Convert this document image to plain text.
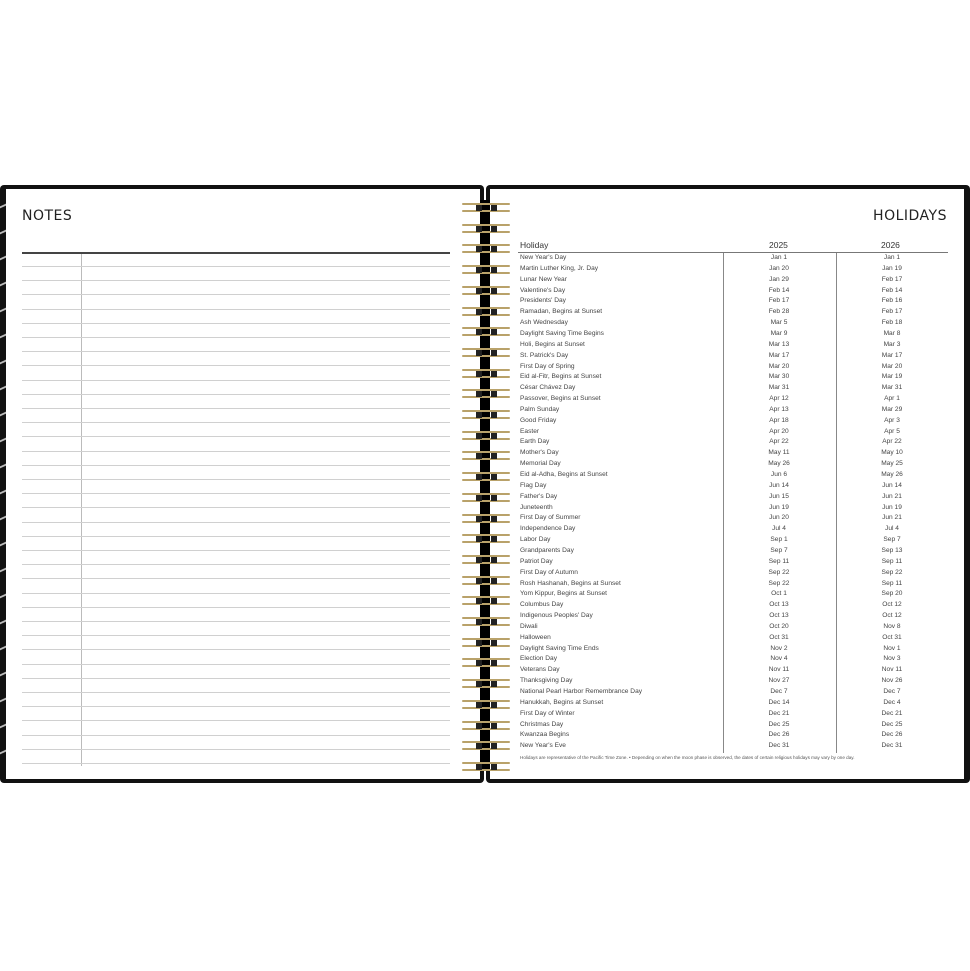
NOTES	HOLIDAYS
Holiday	2025	2026
New Year's Day	Jan 1	Jan 1
Martin Luther King, Jr. Day	Jan 20	Jan 19
Lunar New Year	Jan 29	Feb 17
Valentine's Day	Feb 14	Feb 14
Presidents' Day	Feb 17	Feb 16
Ramadan, Begins at Sunset	Feb 28	Feb 17
Ash Wednesday	Mar 5	Feb 18
Daylight Saving Time Begins	Mar 9	Mar 8
Holi, Begins at Sunset	Mar 13	Mar 3
St. Patrick's Day	Mar 17	Mar 17
First Day of Spring	Mar 20	Mar 20
Eid al-Fitr, Begins at Sunset	Mar 30	Mar 19
César Chávez Day	Mar 31	Mar 31
Passover, Begins at Sunset	Apr 12	Apr 1
Palm Sunday	Apr 13	Mar 29
Good Friday	Apr 18	Apr 3
Easter	Apr 20	Apr 5
Earth Day	Apr 22	Apr 22
Mother's Day	May 11	May 10
Memorial Day	May 26	May 25
Eid al-Adha, Begins at Sunset	Jun 6	May 26
Flag Day	Jun 14	Jun 14
Father's Day	Jun 15	Jun 21
Juneteenth	Jun 19	Jun 19
First Day of Summer	Jun 20	Jun 21
Independence Day	Jul 4	Jul 4
Labor Day	Sep 1	Sep 7
Grandparents Day	Sep 7	Sep 13
Patriot Day	Sep 11	Sep 11
First Day of Autumn	Sep 22	Sep 22
Rosh Hashanah, Begins at Sunset	Sep 22	Sep 11
Yom Kippur, Begins at Sunset	Oct 1	Sep 20
Columbus Day	Oct 13	Oct 12
Indigenous Peoples' Day	Oct 13	Oct 12
Diwali	Oct 20	Nov 8
Halloween	Oct 31	Oct 31
Daylight Saving Time Ends	Nov 2	Nov 1
Election Day	Nov 4	Nov 3
Veterans Day	Nov 11	Nov 11
Thanksgiving Day	Nov 27	Nov 26
National Pearl Harbor Remembrance Day	Dec 7	Dec 7
Hanukkah, Begins at Sunset	Dec 14	Dec 4
First Day of Winter	Dec 21	Dec 21
Christmas Day	Dec 25	Dec 25
Kwanzaa Begins	Dec 26	Dec 26
New Year's Eve	Dec 31	Dec 31
Holidays are representative of the Pacific Time Zone. • Depending on when the moon phase is observed, the dates of certain religious holidays may vary by one day.
